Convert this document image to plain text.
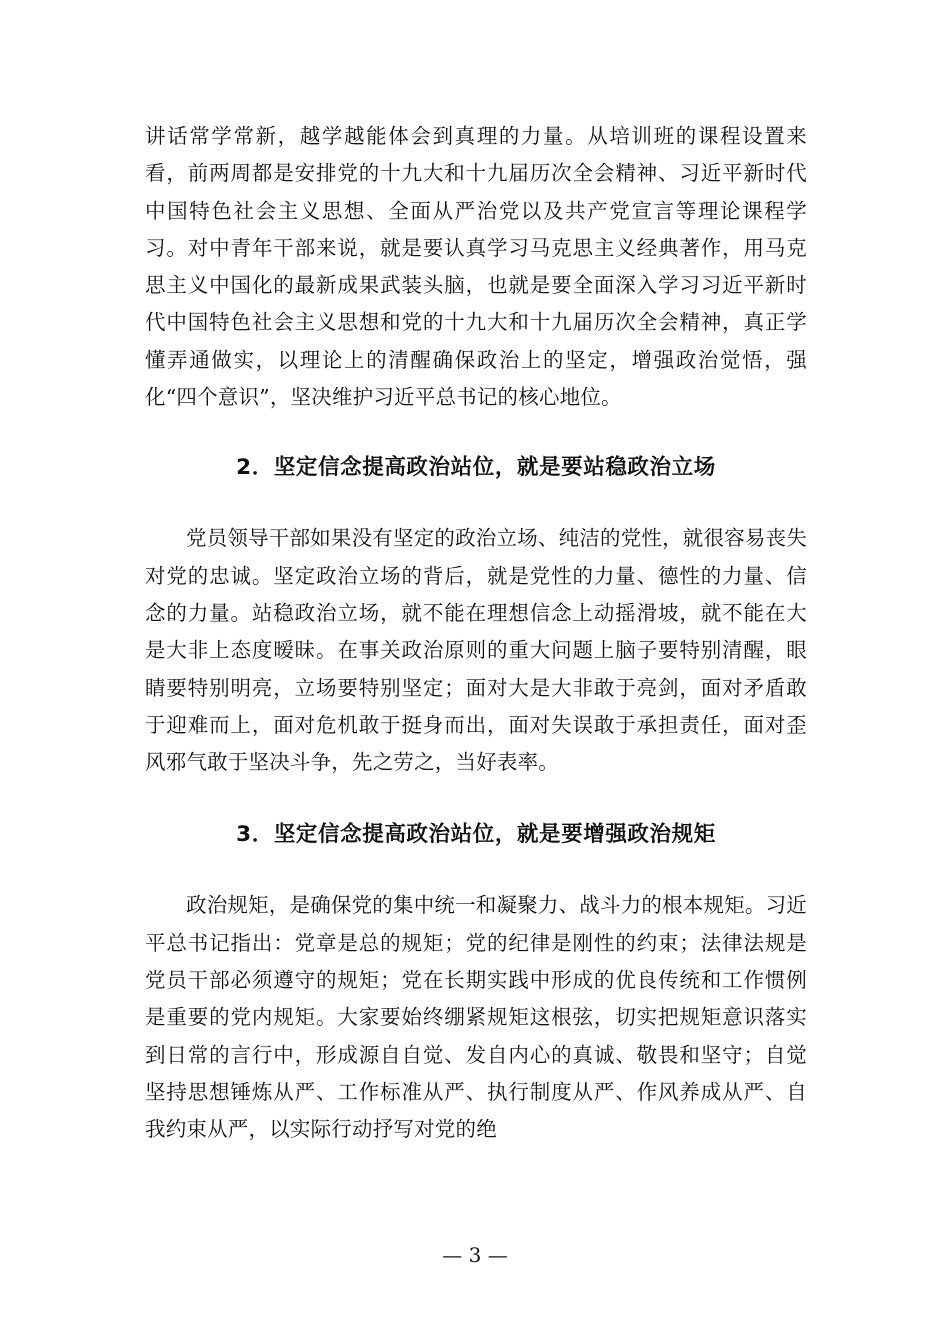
讲话常学常新，越学越能体会到真理的力量。从培训班的课程设置来看，前两周都是安排党的十九大和十九届历次全会精神、习近平新时代中国特色社会主义思想、全面从严治党以及共产党宣言等理论课程学习。对中青年干部来说，就是要认真学习马克思主义经典著作，用马克思主义中国化的最新成果武装头脑，也就是要全面深入学习习近平新时代中国特色社会主义思想和党的十九大和十九届历次全会精神，真正学懂弄通做实，以理论上的清醒确保政治上的坚定，增强政治觉悟，强化“四个意识”，坚决维护习近平总书记的核心地位。

2．坚定信念提高政治站位，就是要站稳政治立场

党员领导干部如果没有坚定的政治立场、纯洁的党性，就很容易丧失对党的忠诚。坚定政治立场的背后，就是党性的力量、德性的力量、信念的力量。站稳政治立场，就不能在理想信念上动摇滑坡，就不能在大是大非上态度暧昧。在事关政治原则的重大问题上脑子要特别清醒，眼睛要特别明亮，立场要特别坚定；面对大是大非敢于亮剑，面对矛盾敢于迎难而上，面对危机敢于挺身而出，面对失误敢于承担责任，面对歪风邪气敢于坚决斗争，先之劳之，当好表率。

3．坚定信念提高政治站位，就是要增强政治规矩

政治规矩，是确保党的集中统一和凝聚力、战斗力的根本规矩。习近平总书记指出：党章是总的规矩；党的纪律是刚性的约束；法律法规是党员干部必须遵守的规矩；党在长期实践中形成的优良传统和工作惯例是重要的党内规矩。大家要始终绷紧规矩这根弦，切实把规矩意识落实到日常的言行中，形成源自自觉、发自内心的真诚、敬畏和坚守；自觉坚持思想锤炼从严、工作标准从严、执行制度从严、作风养成从严、自我约束从严，以实际行动抒写对党的绝

— 3 —
